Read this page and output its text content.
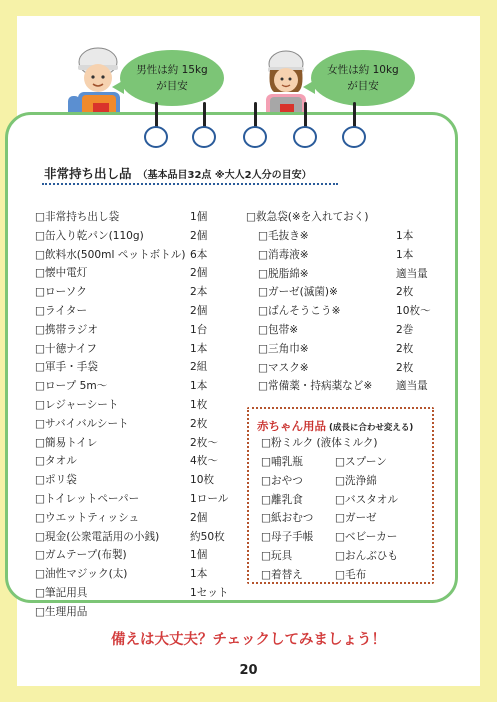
男性は約 15kg
が目安
女性は約 10kg
が目安
非常持ち出し品 （基本品目32点 ※大人2人分の目安）
□非常持ち出し袋	1個
□缶入り乾パン(110g)	2個
□飲料水(500ml ペットボトル) 6本
□懐中電灯	2個
□ローソク	2本
□ライター	2個
□携帯ラジオ	1台
□十徳ナイフ	1本
□軍手・手袋	2組
□ロープ 5m～	1本
□レジャーシート	1枚
□サバイバルシート	2枚
□簡易トイレ	2枚～
□タオル	4枚～
□ポリ袋	10枚
□トイレットペーパー	1ロール
□ウエットティッシュ	2個
□現金(公衆電話用の小銭)	約50枚
□ガムテープ(布製)	1個
□油性マジック(太)	1本
□筆記用具	1セット
□生理用品
□救急袋(※を入れておく)
□毛抜き※	1本
□消毒液※	1本
□脱脂綿※	適当量
□ガーゼ(滅菌)※	2枚
□ばんそうこう※	10枚～
□包帯※	2巻
□三角巾※	2枚
□マスク※	2枚
□常備薬・持病薬など※	適当量
赤ちゃん用品 (成長に合わせ変える)
□粉ミルク (液体ミルク)
□哺乳瓶	□スプーン
□おやつ	□洗浄綿
□離乳食	□バスタオル
□紙おむつ	□ガーゼ
□母子手帳	□ベビーカー
□玩具	□おんぶひも
□着替え	□毛布
備えは大丈夫？チェックしてみましょう！
20
